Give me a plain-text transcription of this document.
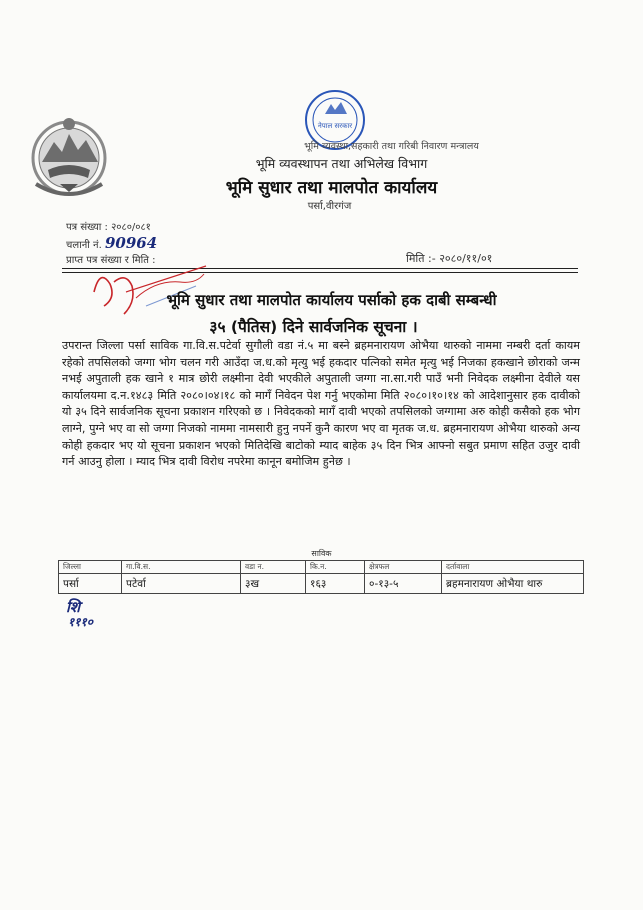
नेपाल सरकार
भूमि व्यवस्था,सहकारी तथा गरिबी निवारण मन्त्रालय
भूमि व्यवस्थापन तथा अभिलेख विभाग
भूमि सुधार तथा मालपोत कार्यालय
पर्सा,वीरगंज
पत्र संख्या : २०८०/०८१
चलानी नं. 90964
प्राप्त पत्र संख्या र मिति :	मिति :- २०८०/११/०१
भूमि सुधार तथा मालपोत कार्यालय पर्साको हक दाबी सम्बन्धी
३५ (पैतिस) दिने सार्वजनिक सूचना ।
उपरान्त जिल्ला पर्सा साविक गा.वि.स.पटेर्वा सुगौली वडा नं.५ मा बस्ने ब्रहमनारायण ओभैया थारुको नाममा नम्बरी दर्ता कायम रहेको तपसिलको जग्गा भोग चलन गरी आउँदा ज.ध.को मृत्यु भई हकदार पत्निको समेत मृत्यु भई निजका हकखाने छोराको जन्म नभई अपुताली हक खाने १ मात्र छोरी लक्ष्मीना देवी भएकीले अपुताली जग्गा ना.सा.गरी पाउँ भनी निवेदक लक्ष्मीना देवीले यस कार्यालयमा द.न.१४८३ मिति २०८०।०४।१८ को मागँ निवेदन पेश गर्नु भएकोमा मिति २०८०।१०।१४ को आदेशानुसार हक दावीको यो ३५ दिने सार्वजनिक सूचना प्रकाशन गरिएको छ । निवेदकको मागँ दावी भएको तपसिलको जग्गामा अरु कोही कसैको हक भोग लाग्ने, पुग्ने भए वा सो जग्गा निजको नाममा नामसारी हुनु नपर्ने कुनै कारण भए वा मृतक ज.ध. ब्रहमनारायण ओभैया थारुको अन्य कोही हकदार भए यो सूचना प्रकाशन भएको मितिदेखि बाटोको म्याद बाहेक ३५ दिन भित्र आफ्नो सबुत प्रमाण सहित उजुर दावी गर्न आउनु होला । म्याद भित्र दावी विरोध नपरेमा कानून बमोजिम हुनेछ ।
साविक
जिल्ला	गा.वि.स.	वडा न.	कि.न.	क्षेत्रफल	दर्तावाला
पर्सा	पटेर्वा	३ख	१६३	०-१३-५	ब्रहमनारायण ओभैया थारु
शि
१११०
